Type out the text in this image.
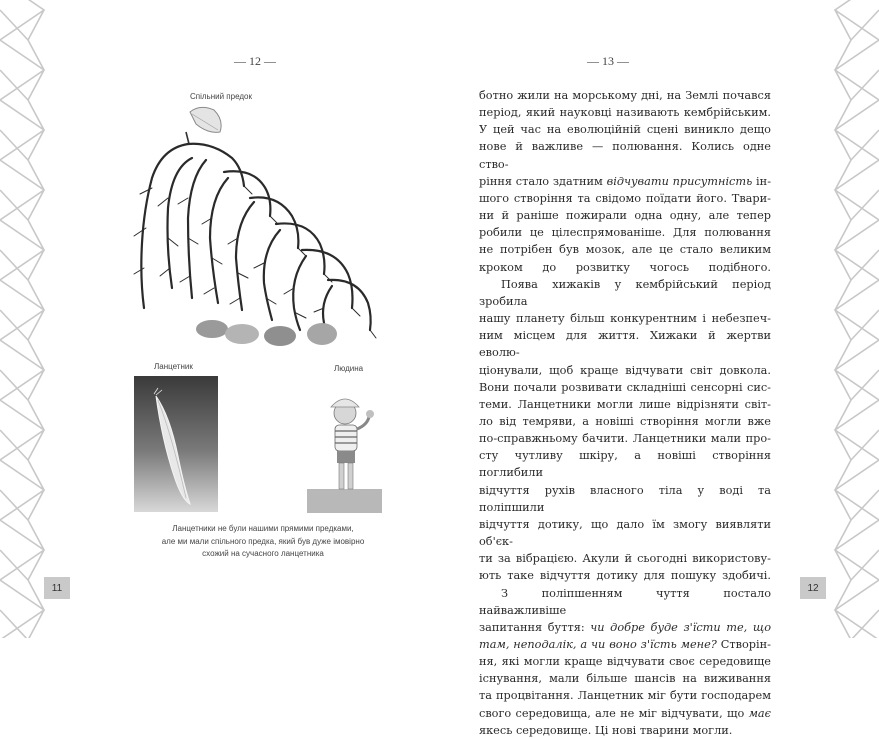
— 12 —
Спільний предок
Ланцетник	Людина

Ланцетники не були нашими прямими предками,

але ми мали спільного предка, який був дуже імовірно

схожий на сучасного ланцетника

11
— 13 —

ботно жили на морському дні, на Землі почався

період, який науковці називають кембрійським.

У цей час на еволюційній сцені виникло дещо

нове й важливе — полювання. Колись одне ство-

ріння стало здатним відчувати присутність ін-

шого створіння та свідомо поїдати його. Твари-

ни й раніше пожирали одна одну, але тепер

робили це цілеспрямованіше. Для полювання

не потрібен був мозок, але це стало великим

кроком до розвитку чогось подібного.

Поява хижаків у кембрійський період зробила

нашу планету більш конкурентним і небезпеч-

ним місцем для життя. Хижаки й жертви еволю-

ціонували, щоб краще відчувати світ довкола.

Вони почали розвивати складніші сенсорні сис-

теми. Ланцетники могли лише відрізняти світ-

ло від темряви, а новіші створіння могли вже

по-справжньому бачити. Ланцетники мали про-

сту чутливу шкіру, а новіші створіння поглибили

відчуття рухів власного тіла у воді та поліпшили

відчуття дотику, що дало їм змогу виявляти об'єк-

ти за вібрацією. Акули й сьогодні використову-

ють таке відчуття дотику для пошуку здобичі.

З поліпшенням чуття постало найважливіше

запитання буття: чи добре буде з'їсти те, що

там, неподалік, а чи воно з'їсть мене? Створін-

ня, які могли краще відчувати своє середовище

існування, мали більше шансів на виживання

та процвітання. Ланцетник міг бути господарем

свого середовища, але не міг відчувати, що має

якесь середовище. Ці нові тварини могли.

12
